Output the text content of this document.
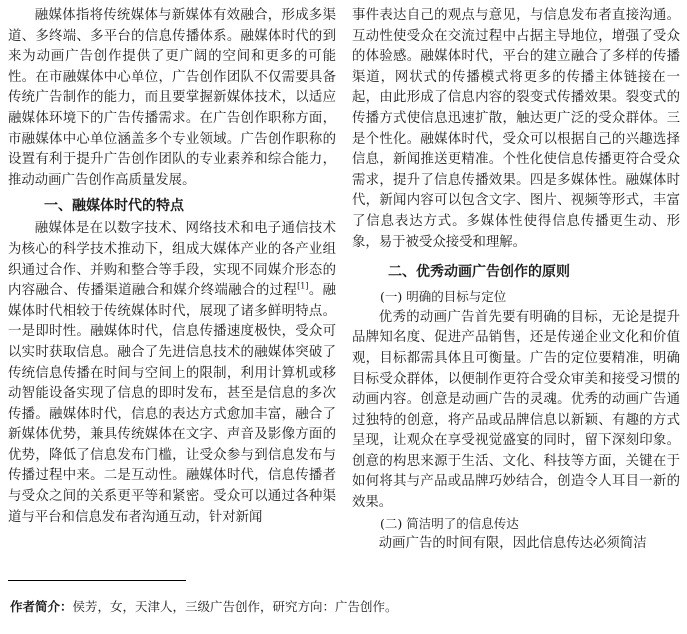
融媒体指将传统媒体与新媒体有效融合，形成多渠道、多终端、多平台的信息传播体系。融媒体时代的到来为动画广告创作提供了更广阔的空间和更多的可能性。在市融媒体中心单位，广告创作团队不仅需要具备传统广告制作的能力，而且要掌握新媒体技术，以适应融媒体环境下的广告传播需求。在广告创作职称方面，市融媒体中心单位涵盖多个专业领域。广告创作职称的设置有利于提升广告创作团队的专业素养和综合能力，推动动画广告创作高质量发展。

一、融媒体时代的特点

融媒体是在以数字技术、网络技术和电子通信技术为核心的科学技术推动下，组成大媒体产业的各产业组织通过合作、并购和整合等手段，实现不同媒介形态的内容融合、传播渠道融合和媒介终端融合的过程[1]。融媒体时代相较于传统媒体时代，展现了诸多鲜明特点。一是即时性。融媒体时代，信息传播速度极快，受众可以实时获取信息。融合了先进信息技术的融媒体突破了传统信息传播在时间与空间上的限制，利用计算机或移动智能设备实现了信息的即时发布，甚至是信息的多次传播。融媒体时代，信息的表达方式愈加丰富，融合了新媒体优势，兼具传统媒体在文字、声音及影像方面的优势，降低了信息发布门槛，让受众参与到信息发布与传播过程中来。二是互动性。融媒体时代，信息传播者与受众之间的关系更平等和紧密。受众可以通过各种渠道与平台和信息发布者沟通互动，针对新闻

事件表达自己的观点与意见，与信息发布者直接沟通。互动性使受众在交流过程中占据主导地位，增强了受众的体验感。融媒体时代，平台的建立融合了多样的传播渠道，网状式的传播模式将更多的传播主体链接在一起，由此形成了信息内容的裂变式传播效果。裂变式的传播方式使信息迅速扩散，触达更广泛的受众群体。三是个性化。融媒体时代，受众可以根据自己的兴趣选择信息，新闻推送更精准。个性化使信息传播更符合受众需求，提升了信息传播效果。四是多媒体性。融媒体时代，新闻内容可以包含文字、图片、视频等形式，丰富了信息表达方式。多媒体性使得信息传播更生动、形象，易于被受众接受和理解。

二、优秀动画广告创作的原则
(一) 明确的目标与定位

优秀的动画广告首先要有明确的目标，无论是提升品牌知名度、促进产品销售，还是传递企业文化和价值观，目标都需具体且可衡量。广告的定位要精准，明确目标受众群体，以便制作更符合受众审美和接受习惯的动画内容。创意是动画广告的灵魂。优秀的动画广告通过独特的创意，将产品或品牌信息以新颖、有趣的方式呈现，让观众在享受视觉盛宴的同时，留下深刻印象。创意的构思来源于生活、文化、科技等方面，关键在于如何将其与产品或品牌巧妙结合，创造令人耳目一新的效果。

(二) 简洁明了的信息传达

动画广告的时间有限，因此信息传达必须简洁

作者简介：侯芳，女，天津人，三级广告创作，研究方向：广告创作。
